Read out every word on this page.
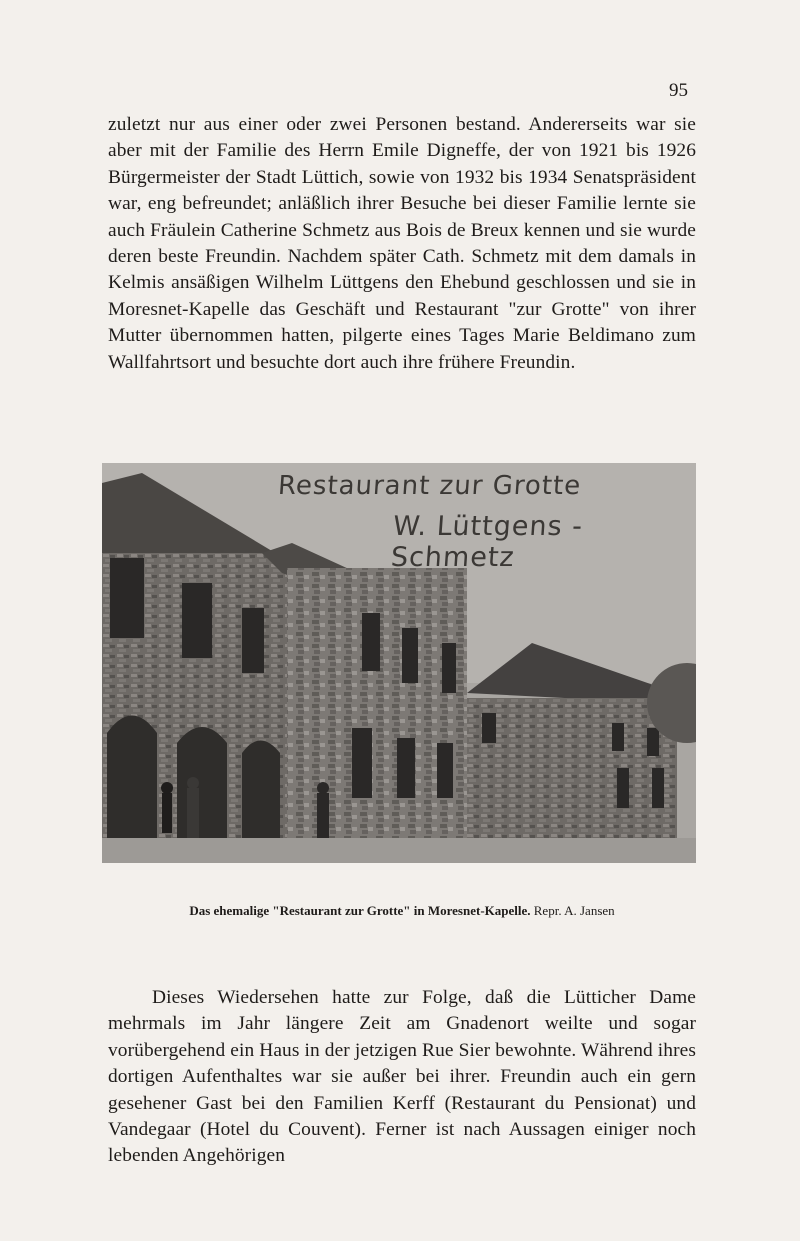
95

zuletzt nur aus einer oder zwei Personen bestand. Andererseits war sie aber mit der Familie des Herrn Emile Digneffe, der von 1921 bis 1926 Bürgermeister der Stadt Lüttich, sowie von 1932 bis 1934 Senatspräsident war, eng befreundet; anläßlich ihrer Besuche bei dieser Familie lernte sie auch Fräulein Catherine Schmetz aus Bois de Breux kennen und sie wurde deren beste Freundin. Nachdem später Cath. Schmetz mit dem damals in Kelmis ansäßigen Wilhelm Lüttgens den Ehebund geschlossen und sie in Moresnet-Kapelle das Geschäft und Restaurant "zur Grotte" von ihrer Mutter übernommen hatten, pilgerte eines Tages Marie Beldimano zum Wallfahrtsort und besuchte dort auch ihre frühere Freundin.

Restaurant zur Grotte
W. Lüttgens -Schmetz
Das ehemalige "Restaurant zur Grotte" in Moresnet-Kapelle. Repr. A. Jansen

Dieses Wiedersehen hatte zur Folge, daß die Lütticher Dame mehrmals im Jahr längere Zeit am Gnadenort weilte und sogar vorübergehend ein Haus in der jetzigen Rue Sier bewohnte. Während ihres dortigen Aufenthaltes war sie außer bei ihrer. Freundin auch ein gern gesehener Gast bei den Familien Kerff (Restaurant du Pensionat) und Vandegaar (Hotel du Couvent). Ferner ist nach Aussagen einiger noch lebenden Angehörigen
